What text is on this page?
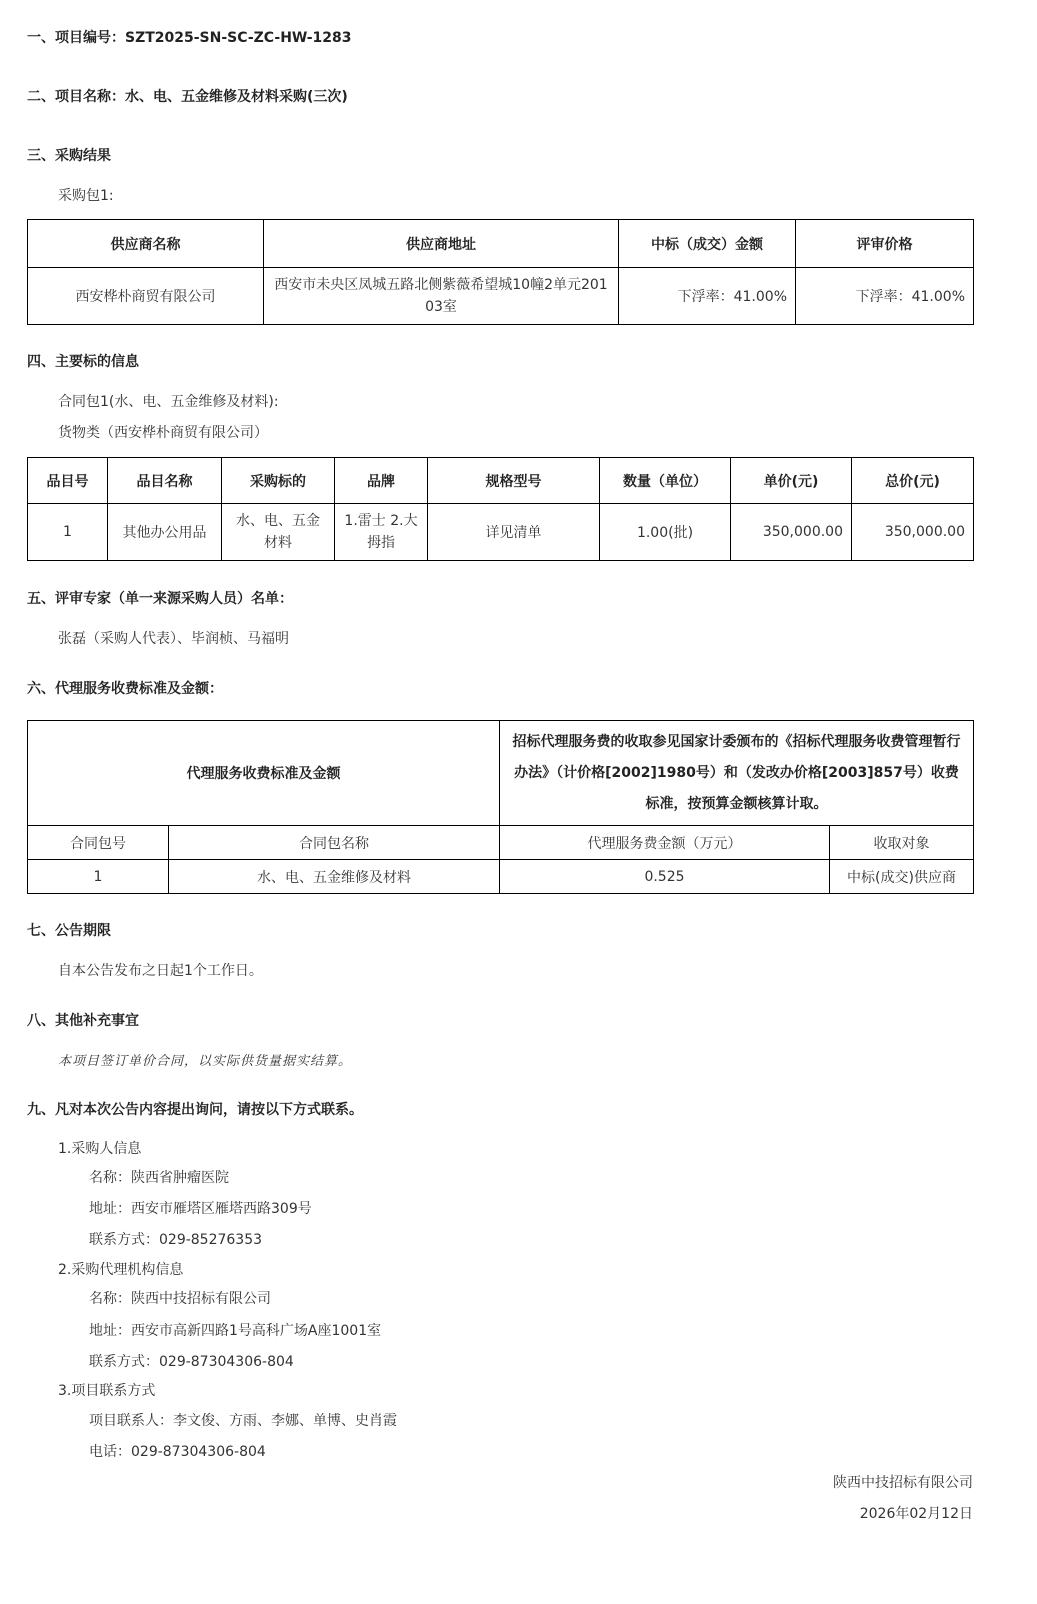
一、项目编号：SZT2025-SN-SC-ZC-HW-1283
二、项目名称：水、电、五金维修及材料采购(三次)
三、采购结果
采购包1:
供应商名称	供应商地址	中标（成交）金额	评审价格
西安桦朴商贸有限公司	西安市未央区凤城五路北侧紫薇希望城10幢2单元20103室	下浮率：41.00%	下浮率：41.00%
四、主要标的信息
合同包1(水、电、五金维修及材料):
货物类（西安桦朴商贸有限公司）
品目号	品目名称	采购标的	品牌	规格型号	数量（单位）	单价(元)	总价(元)
1	其他办公用品	水、电、五金材料	1.雷士 2.大拇指	详见清单	1.00(批)	350,000.00	350,000.00
五、评审专家（单一来源采购人员）名单：
张磊（采购人代表）、毕润桢、马福明
六、代理服务收费标准及金额：
代理服务收费标准及金额		招标代理服务费的收取参见国家计委颁布的《招标代理服务收费管理暂行办法》（计价格[2002]1980号）和（发改办价格[2003]857号）收费标准，按预算金额核算计取。	
合同包号	合同包名称	代理服务费金额（万元）	收取对象
1	水、电、五金维修及材料	0.525	中标(成交)供应商
七、公告期限
自本公告发布之日起1个工作日。
八、其他补充事宜
本项目签订单价合同，以实际供货量据实结算。
九、凡对本次公告内容提出询问，请按以下方式联系。
1.采购人信息
名称：陕西省肿瘤医院
地址：西安市雁塔区雁塔西路309号
联系方式：029-85276353
2.采购代理机构信息
名称：陕西中技招标有限公司
地址：西安市高新四路1号高科广场A座1001室
联系方式：029-87304306-804
3.项目联系方式
项目联系人：李文俊、方雨、李娜、单博、史肖霞
电话：029-87304306-804
陕西中技招标有限公司
2026年02月12日
